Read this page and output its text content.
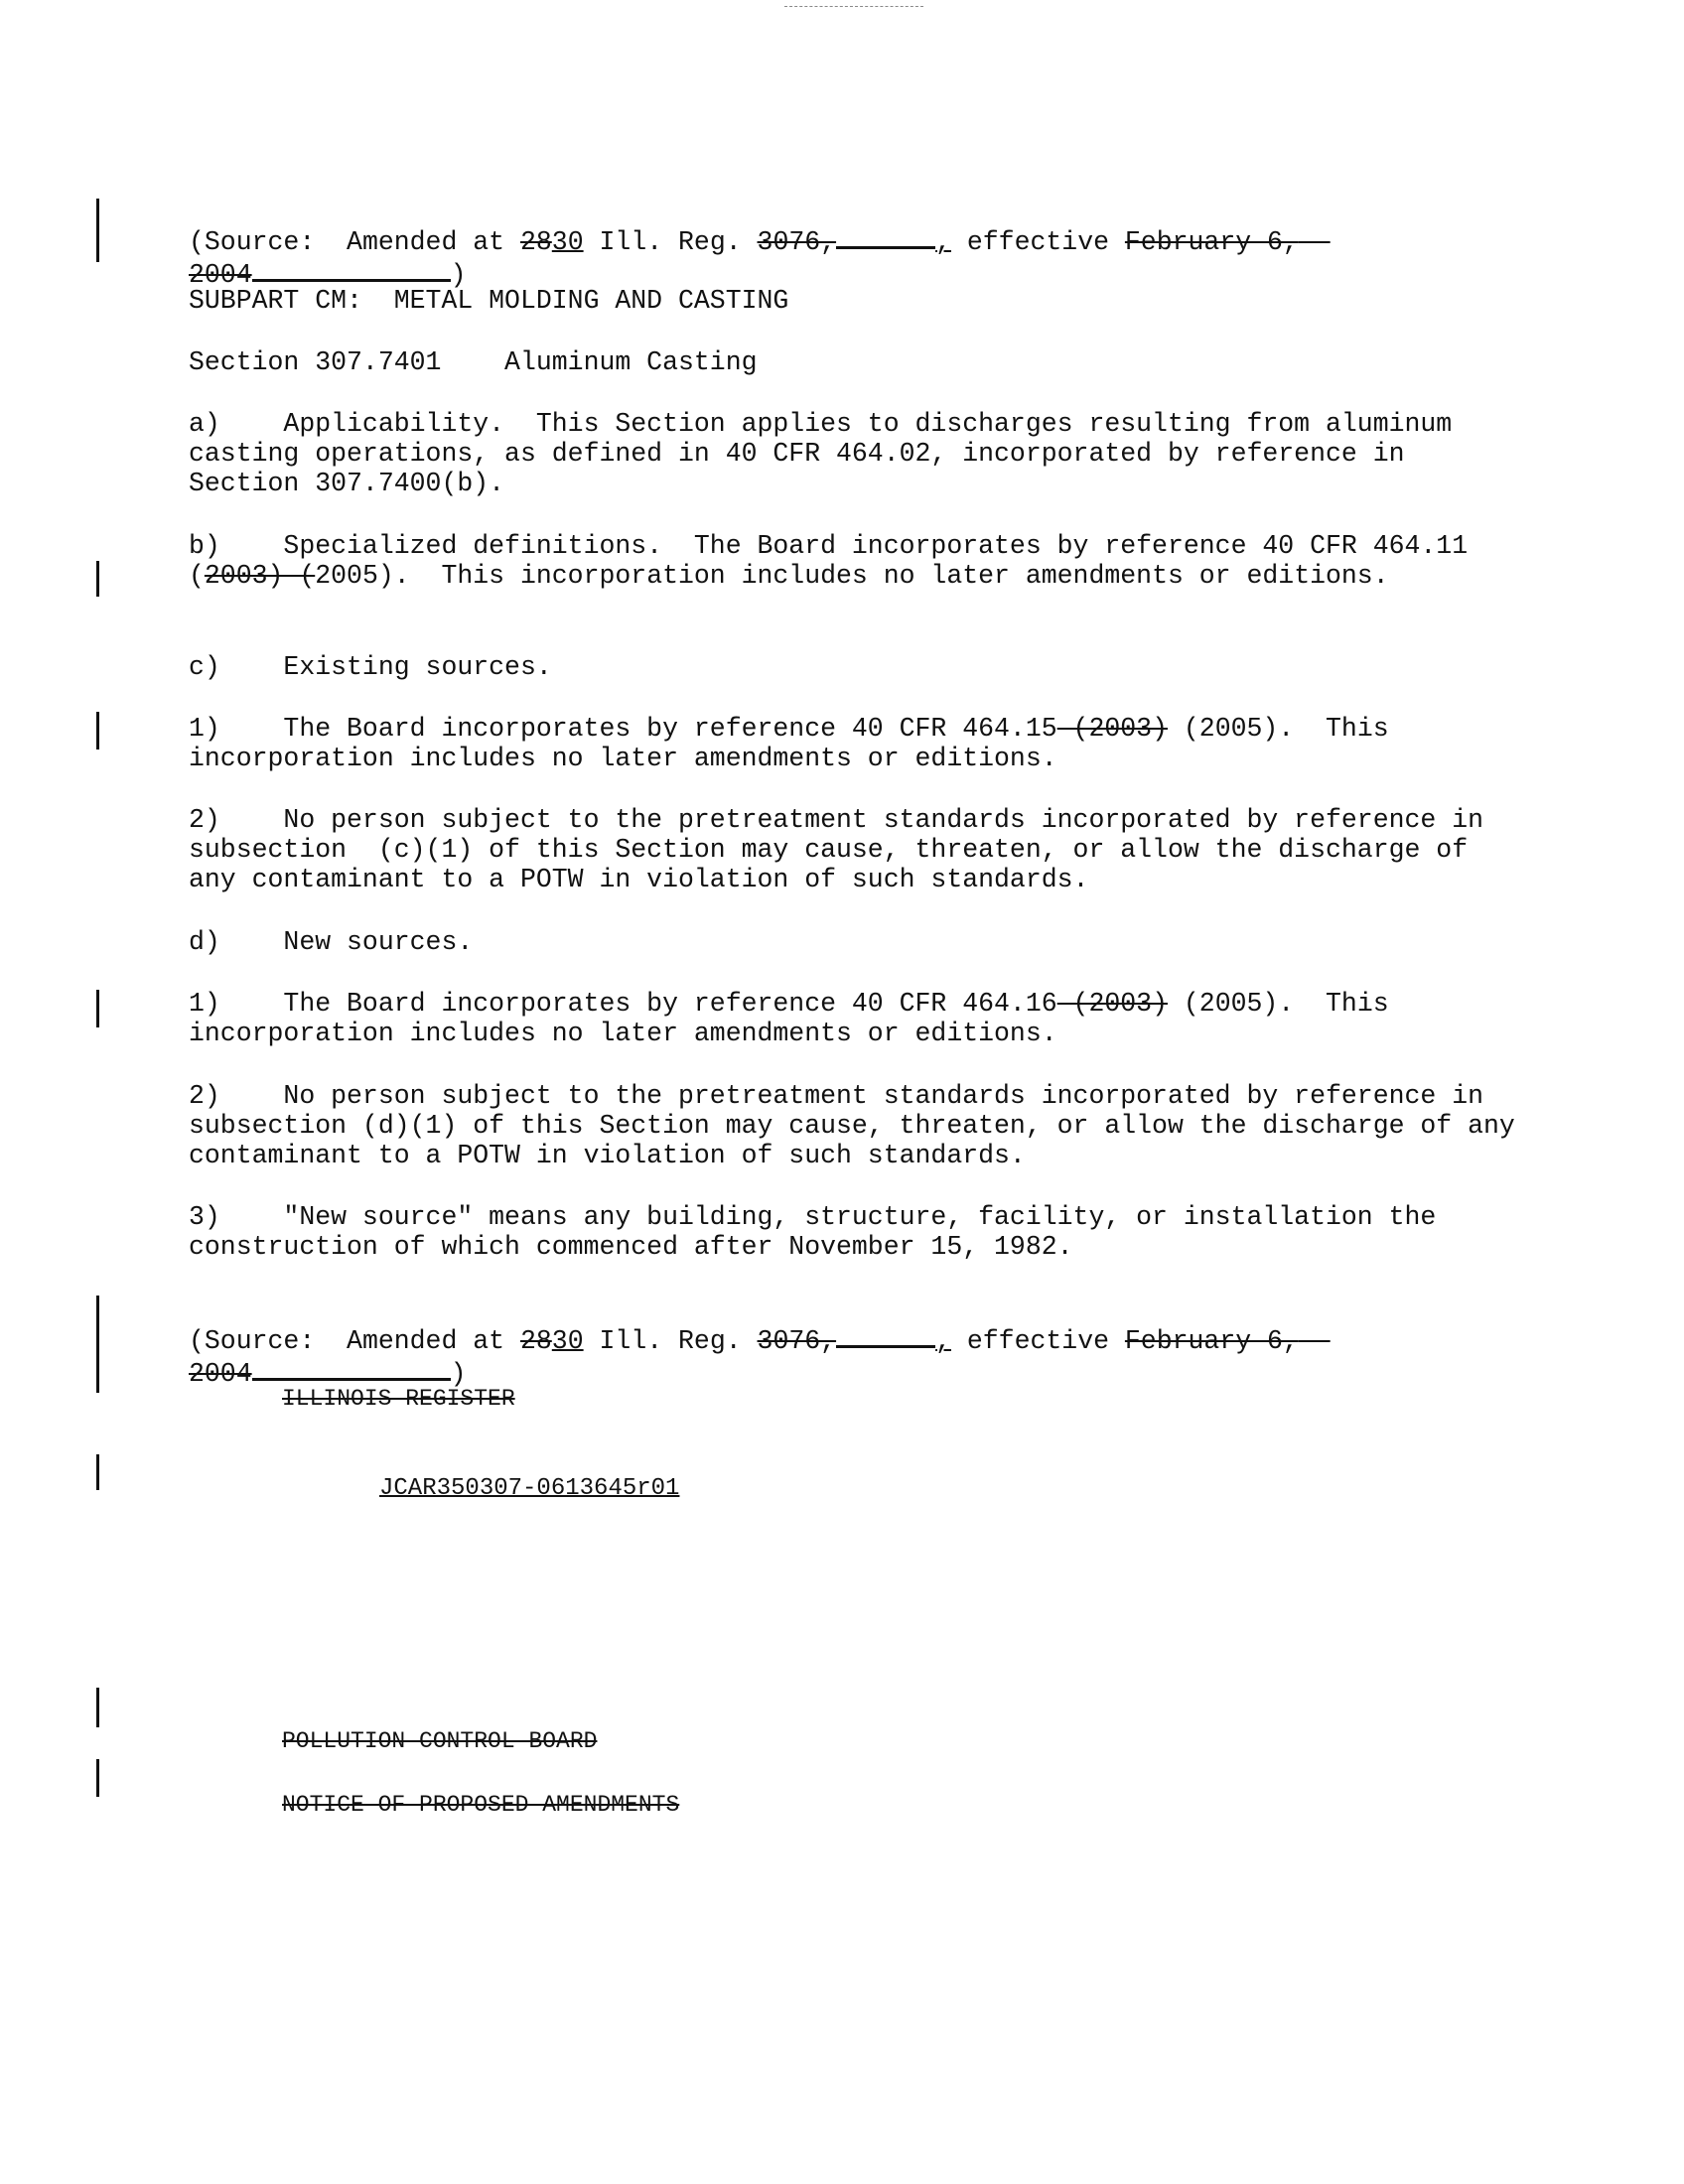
(Source: Amended at 2830 Ill. Reg. 3076,	, effective February 6,
2004	)

SUBPART CM:  METAL MOLDING AND CASTING
Section 307.7401    Aluminum Casting
a)    Applicability.  This Section applies to discharges resulting from aluminum casting operations, as defined in 40 CFR 464.02, incorporated by reference in Section 307.7400(b).
b)    Specialized definitions.  The Board incorporates by reference 40 CFR 464.11 (2003) (2005).  This incorporation includes no later amendments or editions.
c)    Existing sources.
1)    The Board incorporates by reference 40 CFR 464.15 (2003) (2005).  This incorporation includes no later amendments or editions.
2)    No person subject to the pretreatment standards incorporated by reference in subsection  (c)(1) of this Section may cause, threaten, or allow the discharge of any contaminant to a POTW in violation of such standards.
d)    New sources.
1)    The Board incorporates by reference 40 CFR 464.16 (2003) (2005).  This incorporation includes no later amendments or editions.
2)    No person subject to the pretreatment standards incorporated by reference in subsection (d)(1) of this Section may cause, threaten, or allow the discharge of any contaminant to a POTW in violation of such standards.
3)    "New source" means any building, structure, facility, or installation the construction of which commenced after November 15, 1982.

(Source: Amended at 2830 Ill. Reg. 3076,	, effective February 6,
2004	)

ILLINOIS REGISTER

JCAR350307-0613645r01

POLLUTION CONTROL BOARD

NOTICE OF PROPOSED AMENDMENTS
